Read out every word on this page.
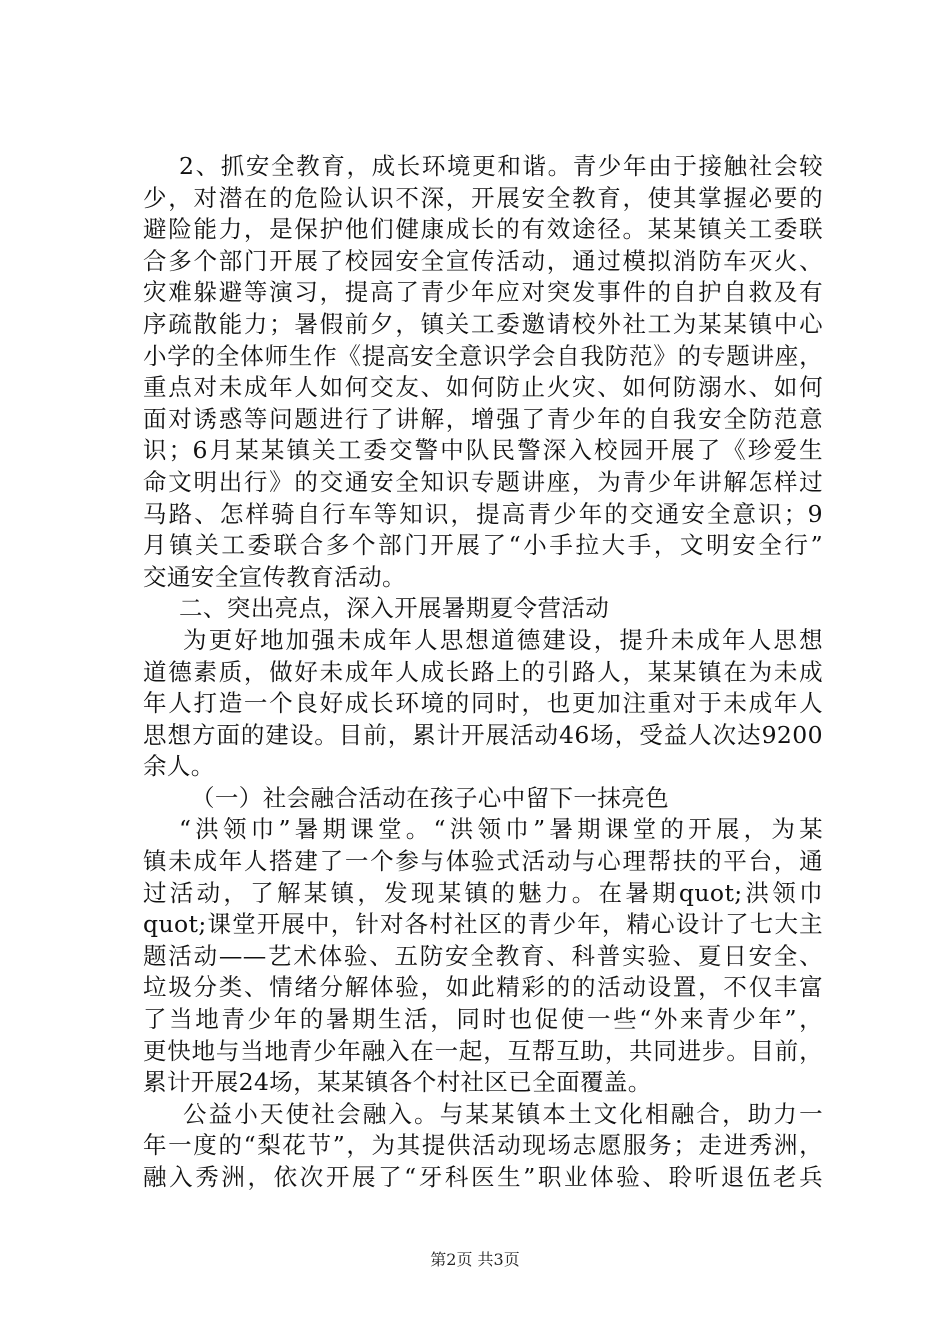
2、抓安全教育，成长环境更和谐。青少年由于接触社会较
少，对潜在的危险认识不深，开展安全教育，使其掌握必要的
避险能力，是保护他们健康成长的有效途径。某某镇关工委联
合多个部门开展了校园安全宣传活动，通过模拟消防车灭火、
灾难躲避等演习，提高了青少年应对突发事件的自护自救及有
序疏散能力；暑假前夕，镇关工委邀请校外社工为某某镇中心
小学的全体师生作《提高安全意识学会自我防范》的专题讲座，
重点对未成年人如何交友、如何防止火灾、如何防溺水、如何
面对诱惑等问题进行了讲解，增强了青少年的自我安全防范意
识；6月某某镇关工委交警中队民警深入校园开展了《珍爱生
命文明出行》的交通安全知识专题讲座，为青少年讲解怎样过
马路、怎样骑自行车等知识，提高青少年的交通安全意识；9
月镇关工委联合多个部门开展了“小手拉大手，文明安全行”
交通安全宣传教育活动。
二、突出亮点，深入开展暑期夏令营活动
为更好地加强未成年人思想道德建设，提升未成年人思想
道德素质，做好未成年人成长路上的引路人，某某镇在为未成
年人打造一个良好成长环境的同时，也更加注重对于未成年人
思想方面的建设。目前，累计开展活动46场，受益人次达9200
余人。
（一）社会融合活动在孩子心中留下一抹亮色
“洪领巾”暑期课堂。“洪领巾”暑期课堂的开展，为某
镇未成年人搭建了一个参与体验式活动与心理帮扶的平台，通
过活动，了解某镇，发现某镇的魅力。在暑期quot;洪领巾
quot;课堂开展中，针对各村社区的青少年，精心设计了七大主
题活动——艺术体验、五防安全教育、科普实验、夏日安全、
垃圾分类、情绪分解体验，如此精彩的的活动设置，不仅丰富
了当地青少年的暑期生活，同时也促使一些“外来青少年”，
更快地与当地青少年融入在一起，互帮互助，共同进步。目前，
累计开展24场，某某镇各个村社区已全面覆盖。
公益小天使社会融入。与某某镇本土文化相融合，助力一
年一度的“梨花节”，为其提供活动现场志愿服务；走进秀洲，
融入秀洲，依次开展了“牙科医生”职业体验、聆听退伍老兵
第2页 共3页
